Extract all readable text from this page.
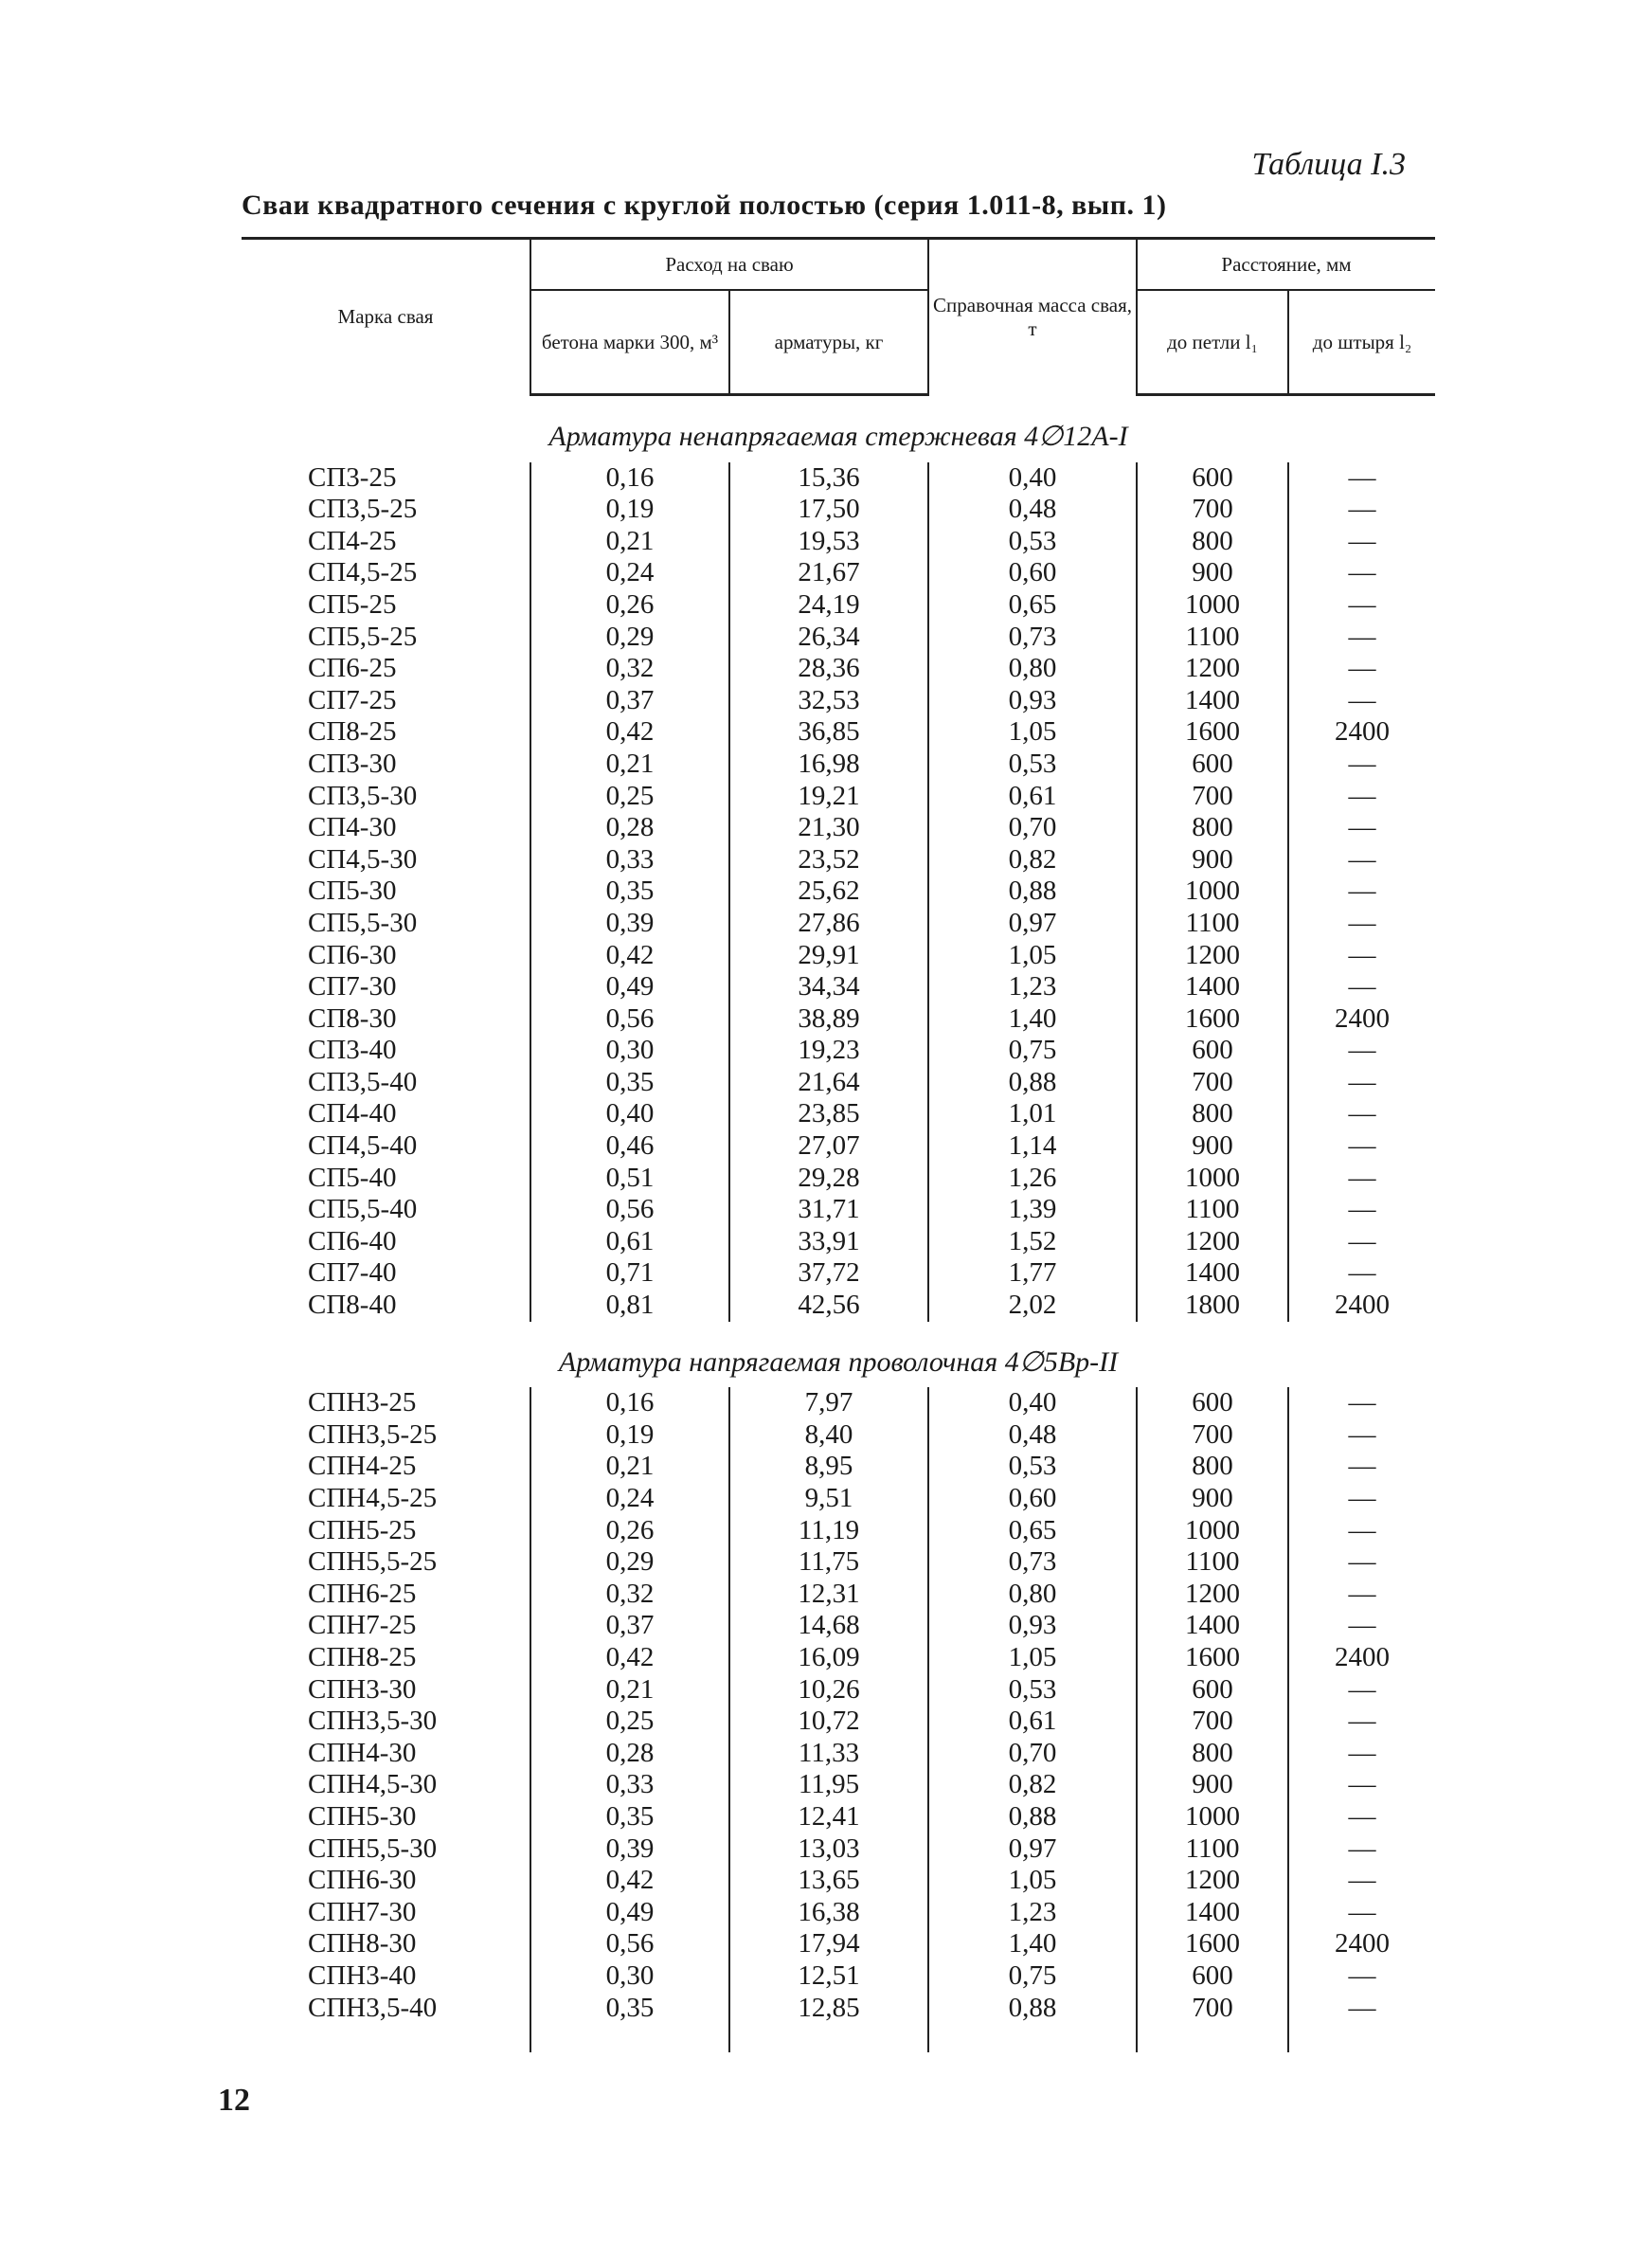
Таблица I.3
Сваи квадратного сечения с круглой полостью (серия 1.011-8, вып. 1)
Марка свая	Расход на сваю		Справочная масса свая, т	Расстояние, мм	
	бетона марки 300, м³	арматуры, кг		до петли l₁	до штыря l₂
Арматура ненапрягаемая стержневая 4∅12А-I					
СП3-25	0,16	15,36	0,40	600	—
СП3,5-25	0,19	17,50	0,48	700	—
СП4-25	0,21	19,53	0,53	800	—
СП4,5-25	0,24	21,67	0,60	900	—
СП5-25	0,26	24,19	0,65	1000	—
СП5,5-25	0,29	26,34	0,73	1100	—
СП6-25	0,32	28,36	0,80	1200	—
СП7-25	0,37	32,53	0,93	1400	—
СП8-25	0,42	36,85	1,05	1600	2400
СП3-30	0,21	16,98	0,53	600	—
СП3,5-30	0,25	19,21	0,61	700	—
СП4-30	0,28	21,30	0,70	800	—
СП4,5-30	0,33	23,52	0,82	900	—
СП5-30	0,35	25,62	0,88	1000	—
СП5,5-30	0,39	27,86	0,97	1100	—
СП6-30	0,42	29,91	1,05	1200	—
СП7-30	0,49	34,34	1,23	1400	—
СП8-30	0,56	38,89	1,40	1600	2400
СП3-40	0,30	19,23	0,75	600	—
СП3,5-40	0,35	21,64	0,88	700	—
СП4-40	0,40	23,85	1,01	800	—
СП4,5-40	0,46	27,07	1,14	900	—
СП5-40	0,51	29,28	1,26	1000	—
СП5,5-40	0,56	31,71	1,39	1100	—
СП6-40	0,61	33,91	1,52	1200	—
СП7-40	0,71	37,72	1,77	1400	—
СП8-40	0,81	42,56	2,02	1800	2400
Арматура напрягаемая проволочная 4∅5Вр-II					
СПН3-25	0,16	7,97	0,40	600	—
СПН3,5-25	0,19	8,40	0,48	700	—
СПН4-25	0,21	8,95	0,53	800	—
СПН4,5-25	0,24	9,51	0,60	900	—
СПН5-25	0,26	11,19	0,65	1000	—
СПН5,5-25	0,29	11,75	0,73	1100	—
СПН6-25	0,32	12,31	0,80	1200	—
СПН7-25	0,37	14,68	0,93	1400	—
СПН8-25	0,42	16,09	1,05	1600	2400
СПН3-30	0,21	10,26	0,53	600	—
СПН3,5-30	0,25	10,72	0,61	700	—
СПН4-30	0,28	11,33	0,70	800	—
СПН4,5-30	0,33	11,95	0,82	900	—
СПН5-30	0,35	12,41	0,88	1000	—
СПН5,5-30	0,39	13,03	0,97	1100	—
СПН6-30	0,42	13,65	1,05	1200	—
СПН7-30	0,49	16,38	1,23	1400	—
СПН8-30	0,56	17,94	1,40	1600	2400
СПН3-40	0,30	12,51	0,75	600	—
СПН3,5-40	0,35	12,85	0,88	700	—

12
